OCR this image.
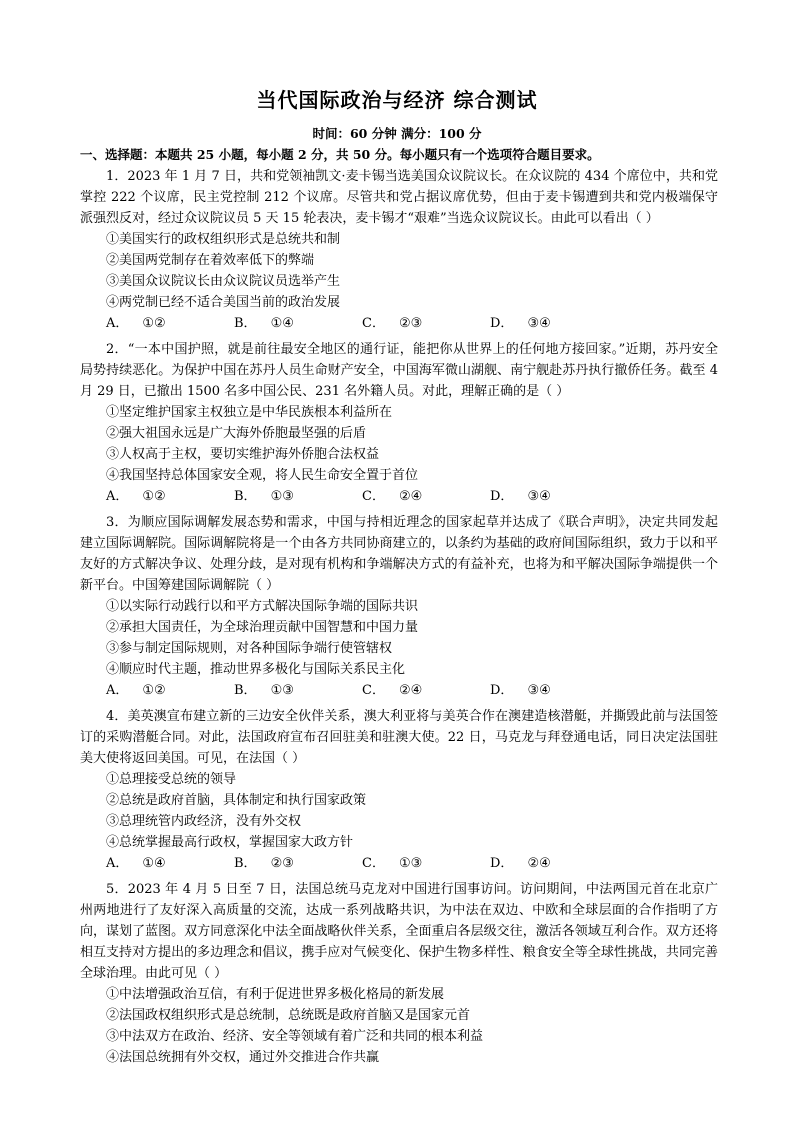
当代国际政治与经济 综合测试
时间：60 分钟 满分：100 分
一、选择题：本题共 25 小题，每小题 2 分，共 50 分。每小题只有一个选项符合题目要求。

1．2023 年 1 月 7 日，共和党领袖凯文·麦卡锡当选美国众议院议长。在众议院的 434 个席位中，共和党掌控 222 个议席，民主党控制 212 个议席。尽管共和党占据议席优势，但由于麦卡锡遭到共和党内极端保守派强烈反对，经过众议院议员 5 天 15 轮表决，麦卡锡才“艰难”当选众议院议长。由此可以看出（ ）

①美国实行的政权组织形式是总统共和制

②美国两党制存在着效率低下的弊端

③美国众议院议长由众议院议员选举产生

④两党制已经不适合美国当前的政治发展

A． ①②	B． ①④	C． ②③	D． ③④

2．“一本中国护照，就是前往最安全地区的通行证，能把你从世界上的任何地方接回家。”近期，苏丹安全局势持续恶化。为保护中国在苏丹人员生命财产安全，中国海军微山湖舰、南宁舰赴苏丹执行撤侨任务。截至 4 月 29 日，已撤出 1500 名多中国公民、231 名外籍人员。对此，理解正确的是（ ）

①坚定维护国家主权独立是中华民族根本利益所在

②强大祖国永远是广大海外侨胞最坚强的后盾

③人权高于主权，要切实维护海外侨胞合法权益

④我国坚持总体国家安全观，将人民生命安全置于首位

A． ①②	B． ①③	C． ②④	D． ③④

3．为顺应国际调解发展态势和需求，中国与持相近理念的国家起草并达成了《联合声明》，决定共同发起建立国际调解院。国际调解院将是一个由各方共同协商建立的，以条约为基础的政府间国际组织，致力于以和平友好的方式解决争议、处理分歧，是对现有机构和争端解决方式的有益补充，也将为和平解决国际争端提供一个新平台。中国筹建国际调解院（ ）

①以实际行动践行以和平方式解决国际争端的国际共识

②承担大国责任，为全球治理贡献中国智慧和中国力量

③参与制定国际规则，对各种国际争端行使管辖权

④顺应时代主题，推动世界多极化与国际关系民主化

A． ①②	B． ①③	C． ②④	D． ③④

4．美英澳宣布建立新的三边安全伙伴关系，澳大利亚将与美英合作在澳建造核潜艇，并撕毁此前与法国签订的采购潜艇合同。对此，法国政府宣布召回驻美和驻澳大使。22 日，马克龙与拜登通电话，同日决定法国驻美大使将返回美国。可见，在法国（ ）

①总理接受总统的领导

②总统是政府首脑，具体制定和执行国家政策

③总理统管内政经济，没有外交权

④总统掌握最高行政权，掌握国家大政方针

A． ①④	B． ②③	C． ①③	D． ②④

5．2023 年 4 月 5 日至 7 日，法国总统马克龙对中国进行国事访问。访问期间，中法两国元首在北京广州两地进行了友好深入高质量的交流，达成一系列战略共识，为中法在双边、中欧和全球层面的合作指明了方向，谋划了蓝图。双方同意深化中法全面战略伙伴关系，全面重启各层级交往，激活各领域互利合作。双方还将相互支持对方提出的多边理念和倡议，携手应对气候变化、保护生物多样性、粮食安全等全球性挑战，共同完善全球治理。由此可见（ ）

①中法增强政治互信，有利于促进世界多极化格局的新发展

②法国政权组织形式是总统制，总统既是政府首脑又是国家元首

③中法双方在政治、经济、安全等领域有着广泛和共同的根本利益

④法国总统拥有外交权，通过外交推进合作共赢
